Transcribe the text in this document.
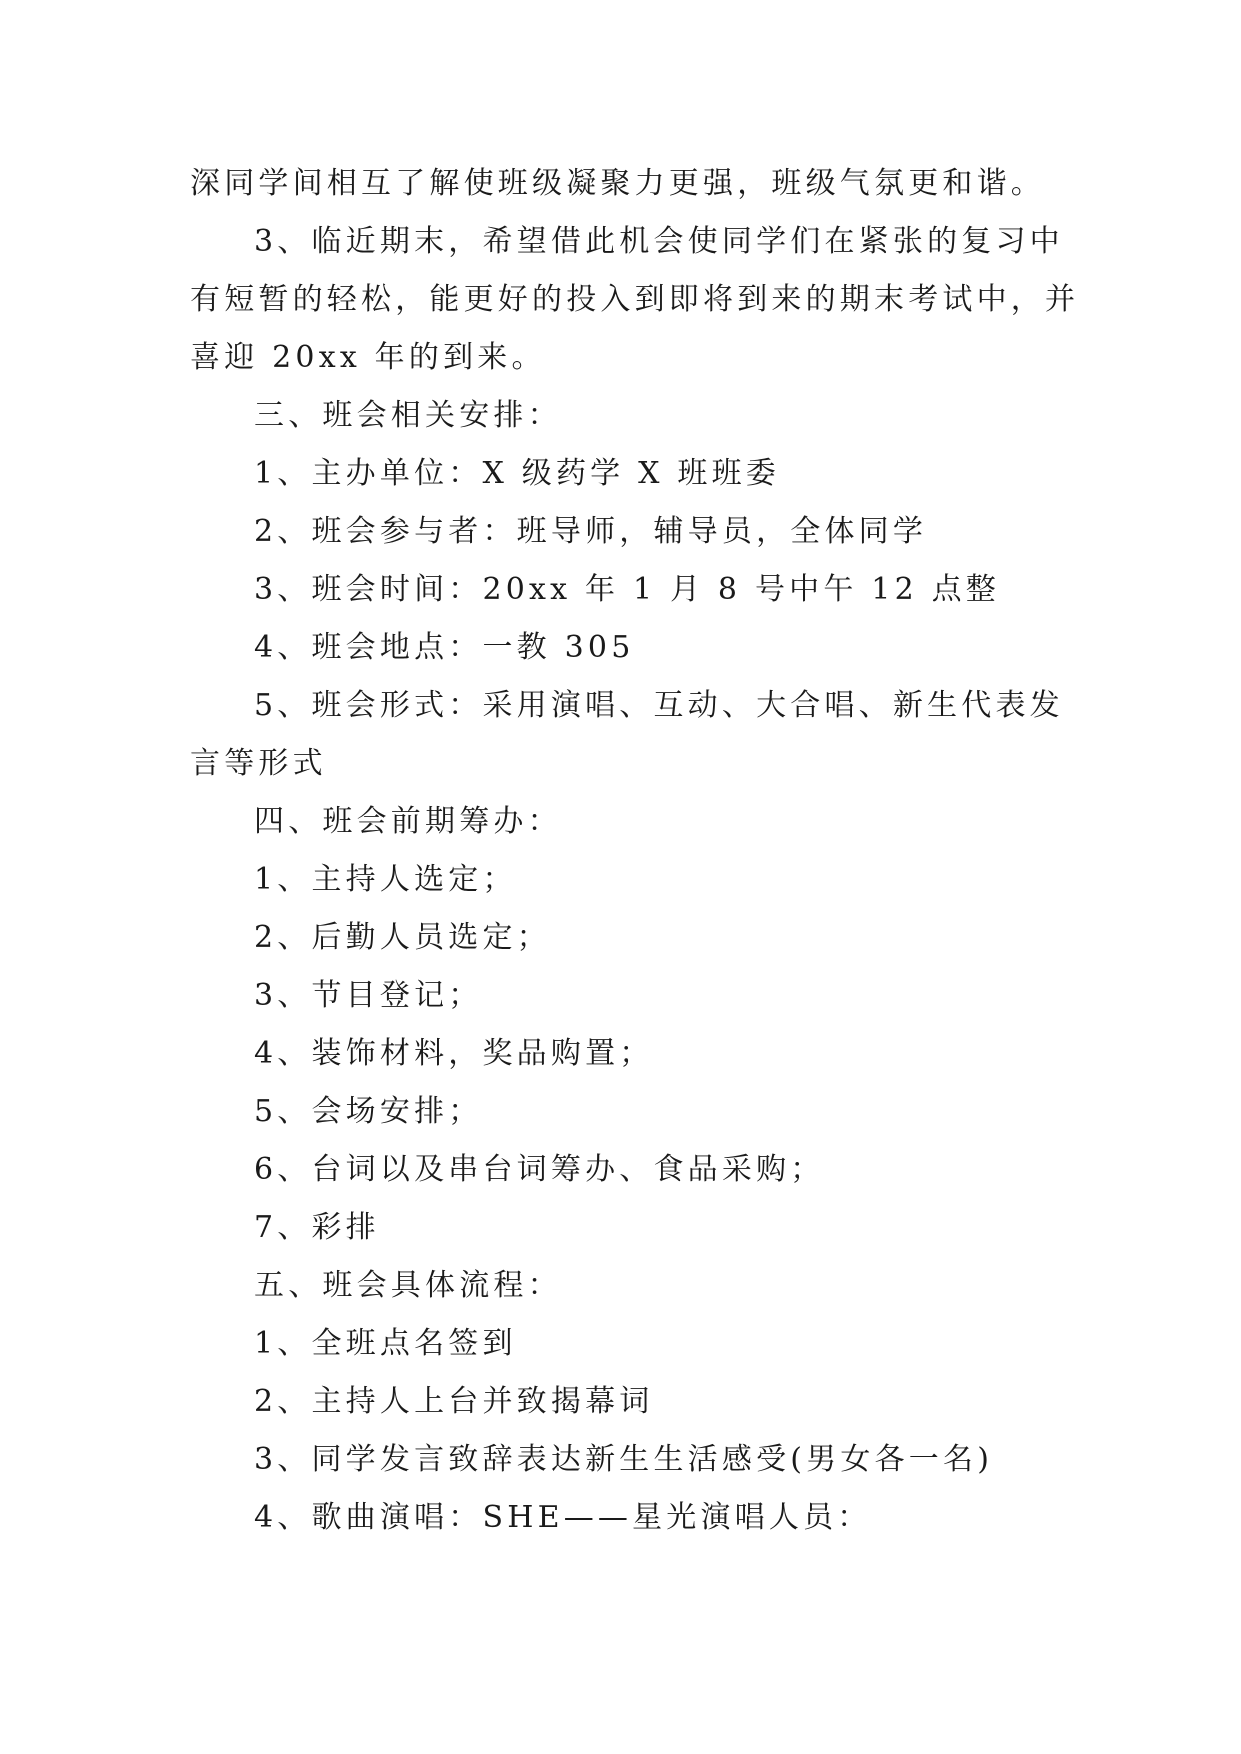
深同学间相互了解使班级凝聚力更强，班级气氛更和谐。
3、临近期末，希望借此机会使同学们在紧张的复习中
有短暂的轻松，能更好的投入到即将到来的期末考试中，并
喜迎 20xx 年的到来。
三、班会相关安排：
1、主办单位：X 级药学 X 班班委
2、班会参与者：班导师，辅导员，全体同学
3、班会时间：20xx 年 1 月 8 号中午 12 点整
4、班会地点：一教 305
5、班会形式：采用演唱、互动、大合唱、新生代表发
言等形式
四、班会前期筹办：
1、主持人选定；
2、后勤人员选定；
3、节目登记；
4、装饰材料，奖品购置；
5、会场安排；
6、台词以及串台词筹办、食品采购；
7、彩排
五、班会具体流程：
1、全班点名签到
2、主持人上台并致揭幕词
3、同学发言致辞表达新生生活感受(男女各一名)
4、歌曲演唱：SHE——星光演唱人员：
